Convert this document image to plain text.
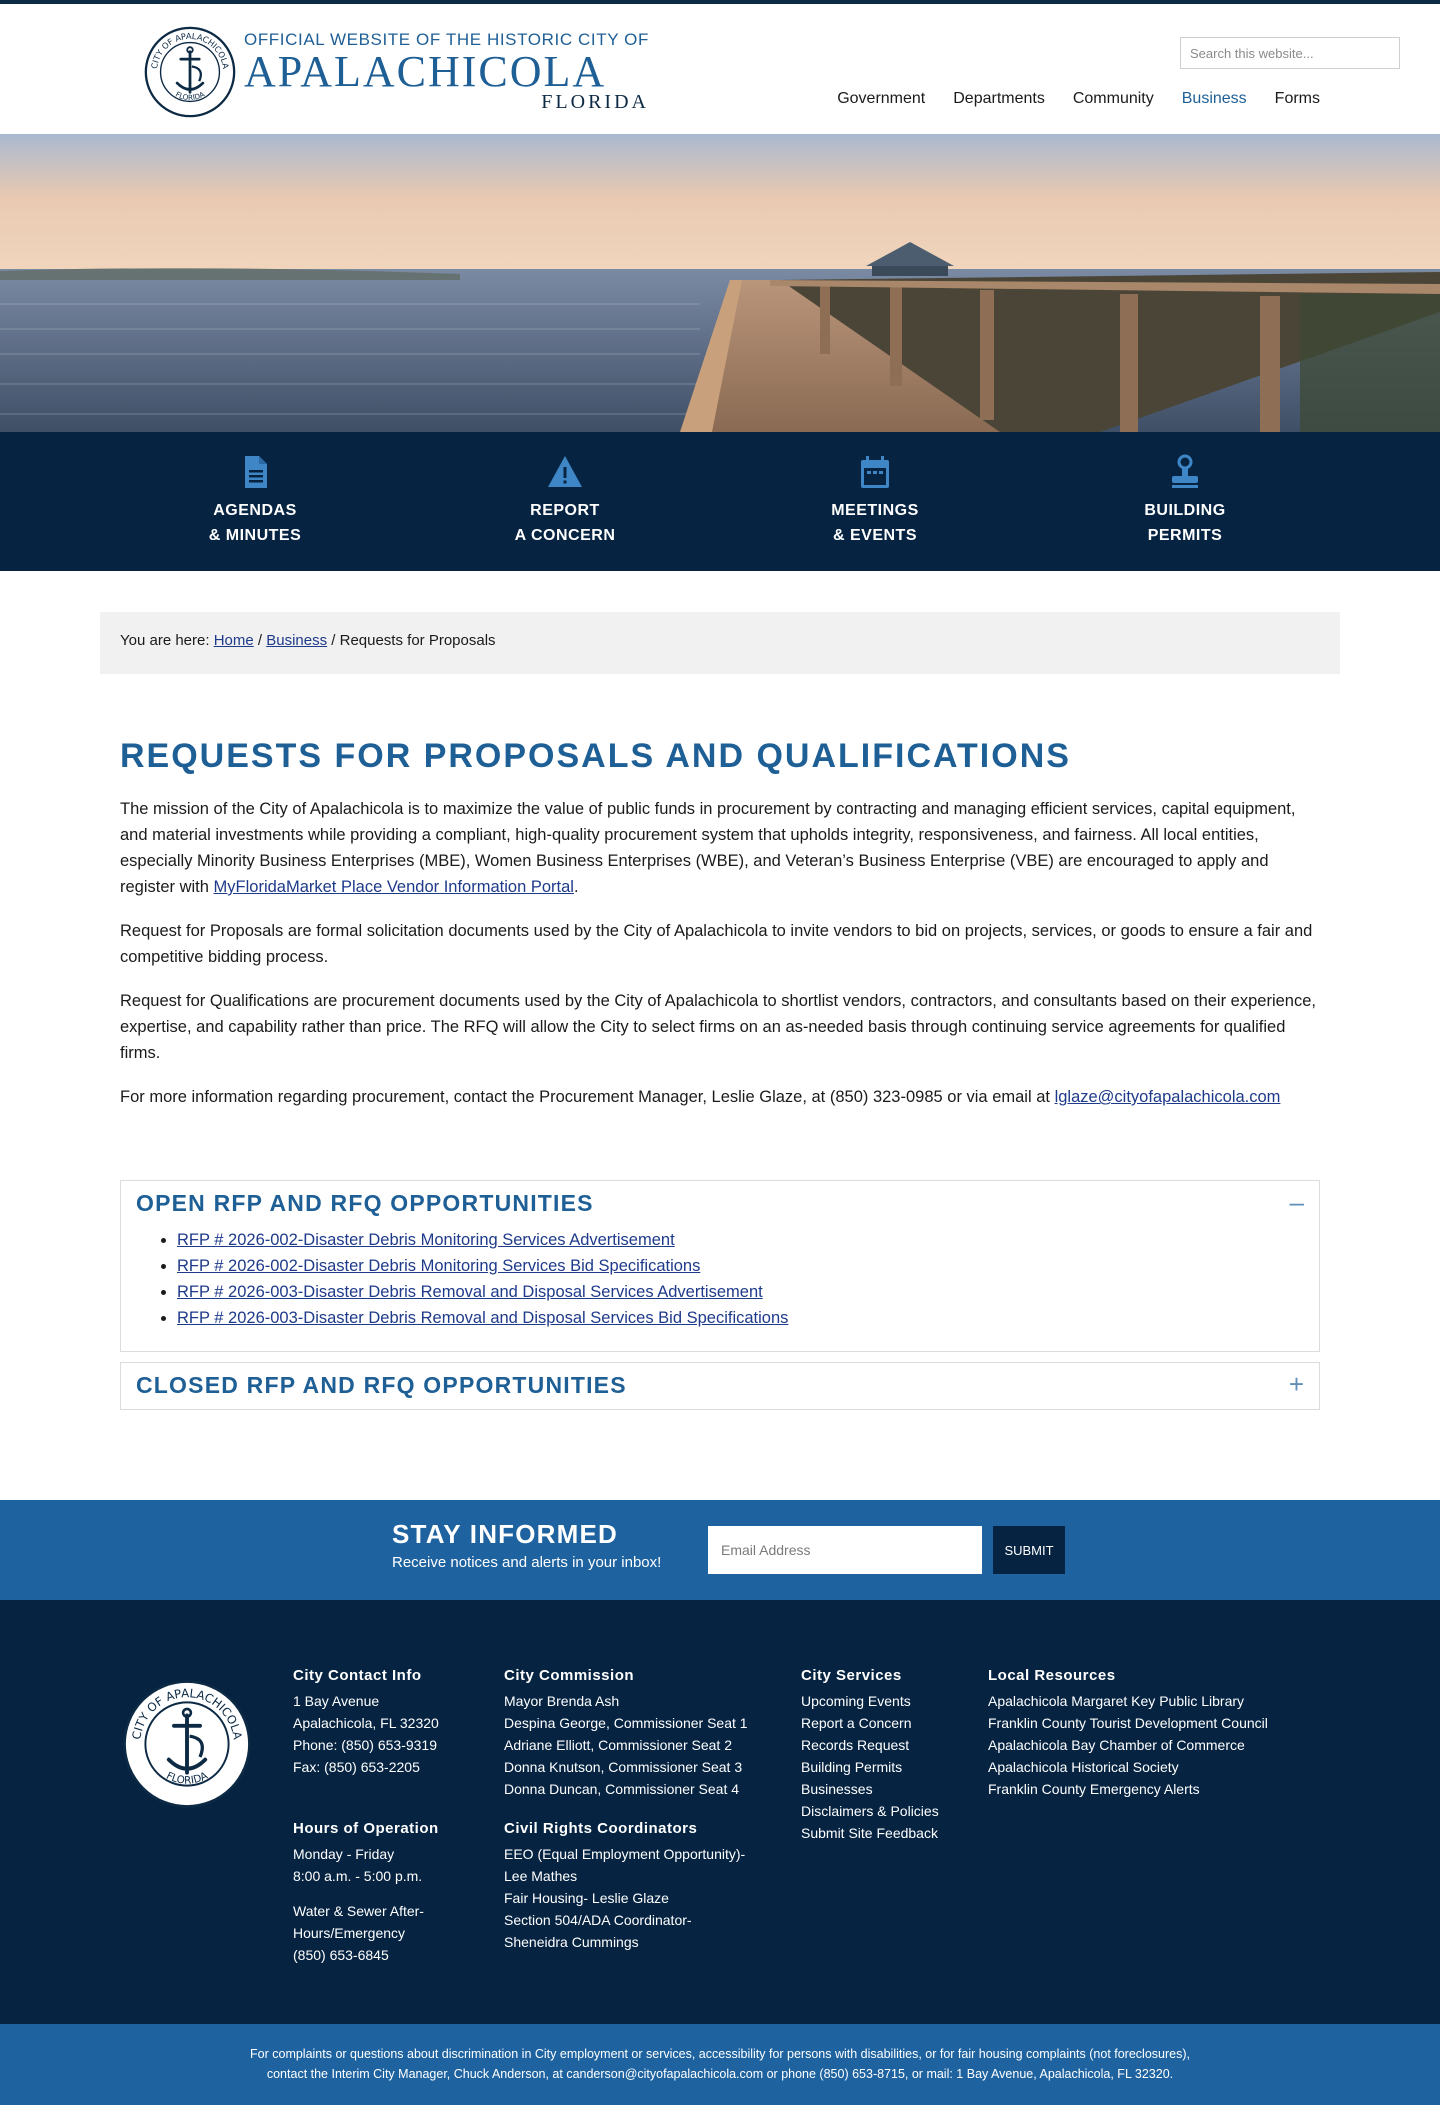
CITY OF APALACHICOLA
FLORIDA
OFFICIAL WEBSITE OF THE HISTORIC CITY OF
APALACHICOLA
FLORIDA
Search this website...	Government Departments Community Business Forms
AGENDAS
& MINUTES
REPORT
A CONCERN
MEETINGS
& EVENTS
BUILDING
PERMITS
You are here: Home / Business / Requests for Proposals
REQUESTS FOR PROPOSALS AND QUALIFICATIONS

The mission of the City of Apalachicola is to maximize the value of public funds in procurement by contracting and managing efficient services, capital equipment, and material investments while providing a compliant, high-quality procurement system that upholds integrity, responsiveness, and fairness. All local entities, especially Minority Business Enterprises (MBE), Women Business Enterprises (WBE), and Veteran’s Business Enterprise (VBE) are encouraged to apply and register with MyFloridaMarket Place Vendor Information Portal.

Request for Proposals are formal solicitation documents used by the City of Apalachicola to invite vendors to bid on projects, services, or goods to ensure a fair and competitive bidding process.

Request for Qualifications are procurement documents used by the City of Apalachicola to shortlist vendors, contractors, and consultants based on their experience, expertise, and capability rather than price. The RFQ will allow the City to select firms on an as-needed basis through continuing service agreements for qualified firms.

For more information regarding procurement, contact the Procurement Manager, Leslie Glaze, at (850) 323-0985 or via email at lglaze@cityofapalachicola.com

OPEN RFP AND RFQ OPPORTUNITIES	–
• RFP # 2026-002-Disaster Debris Monitoring Services Advertisement
• RFP # 2026-002-Disaster Debris Monitoring Services Bid Specifications
• RFP # 2026-003-Disaster Debris Removal and Disposal Services Advertisement
• RFP # 2026-003-Disaster Debris Removal and Disposal Services Bid Specifications
CLOSED RFP AND RFQ OPPORTUNITIES	+
STAY INFORMED
Receive notices and alerts in your inbox!
Email Address
SUBMIT
CITY OF APALACHICOLA
FLORIDA
City Contact Info
1 Bay Avenue
Apalachicola, FL 32320
Phone: (850) 653-9319
Fax: (850) 653-2205
Hours of Operation
Monday - Friday
8:00 a.m. - 5:00 p.m.
Water & Sewer After-
Hours/Emergency
(850) 653-6845
City Commission
Mayor Brenda Ash
Despina George, Commissioner Seat 1
Adriane Elliott, Commissioner Seat 2
Donna Knutson, Commissioner Seat 3
Donna Duncan, Commissioner Seat 4
Civil Rights Coordinators
EEO (Equal Employment Opportunity)-
Lee Mathes
Fair Housing- Leslie Glaze
Section 504/ADA Coordinator-
Sheneidra Cummings
City Services
Upcoming Events
Report a Concern
Records Request
Building Permits
Businesses
Disclaimers & Policies
Submit Site Feedback
Local Resources
Apalachicola Margaret Key Public Library
Franklin County Tourist Development Council
Apalachicola Bay Chamber of Commerce
Apalachicola Historical Society
Franklin County Emergency Alerts
For complaints or questions about discrimination in City employment or services, accessibility for persons with disabilities, or for fair housing complaints (not foreclosures),
contact the Interim City Manager, Chuck Anderson, at canderson@cityofapalachicola.com or phone (850) 653-8715, or mail: 1 Bay Avenue, Apalachicola, FL 32320.
